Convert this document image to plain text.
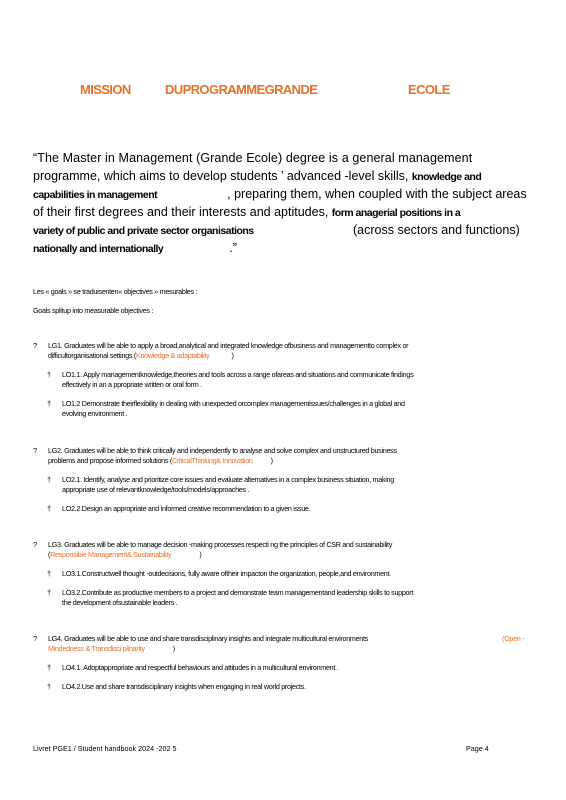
MISSION	DUPROGRAMMEGRANDE	ECOLE
“The Master in Management (Grande Ecole) degree is a general management
programme, which aims to develop students ’ advanced -level skills, knowledge and
capabilities in management	, preparing them, when coupled with the subject areas
of their first degrees and their interests and aptitudes, form anagerial positions in a
variety of public and private sector organisations	(across sectors and functions)
nationally and internationally	.”
Les « goals » se traduisenten« objectives » mesurables :
Goals splitup into measurable objectives :
? LG1. Graduates will be able to apply a broad,analytical and integrated knowledge ofbusiness and managementto complex or
difficultorganisational settings (Knowledge & adaptability	)
† LO1.1. Apply managementknowledge,theories and tools across a range ofareas and situations and communicate findings
effectively in an a ppropriate written or oral form .
† LO1.2 Demonstrate theirflexibility in dealing with unexpected orcomplex managementissues/challenges in a global and
evolving environment .
? LG2. Graduates will be able to think critically and independently to analyse and solve complex and unstructured business
problems and propose informed solutions (CriticalThinking& Innovation	)
† LO2.1. Identify, analyse and prioritize core issues and evaluate alternatives in a complex business situation, making
appropriate use of relevantknowledge/tools/models/approaches .
† LO2.2.Design an appropriate and informed creative recommendation to a given issue.
? LG3. Graduates will be able to manage decision -making processes respecti ng the principles of CSR and sustainability
(Responsible Management& Sustainability	)
† LO3.1.Constructwell thought -outdecisions, fully aware oftheir impacton the organization, people,and environment.
† LO3.2.Contribute as productive members to a project and demonstrate team managementand leadership skills to support
the development ofsustainable leaders .
? LG4. Graduates will be able to use and share transdisciplinary insights and integrate multicultural environments	(Open -
Mindedness & Transdisci plinarity	)
† LO4.1. Adoptappropriate and respectful behaviours and attitudes in a multicultural environment .
† LO4.2.Use and share transdisciplinary insights when engaging in real world projects.
Livret PGE1 / Student handbook 2024 -202 5	Page 4
